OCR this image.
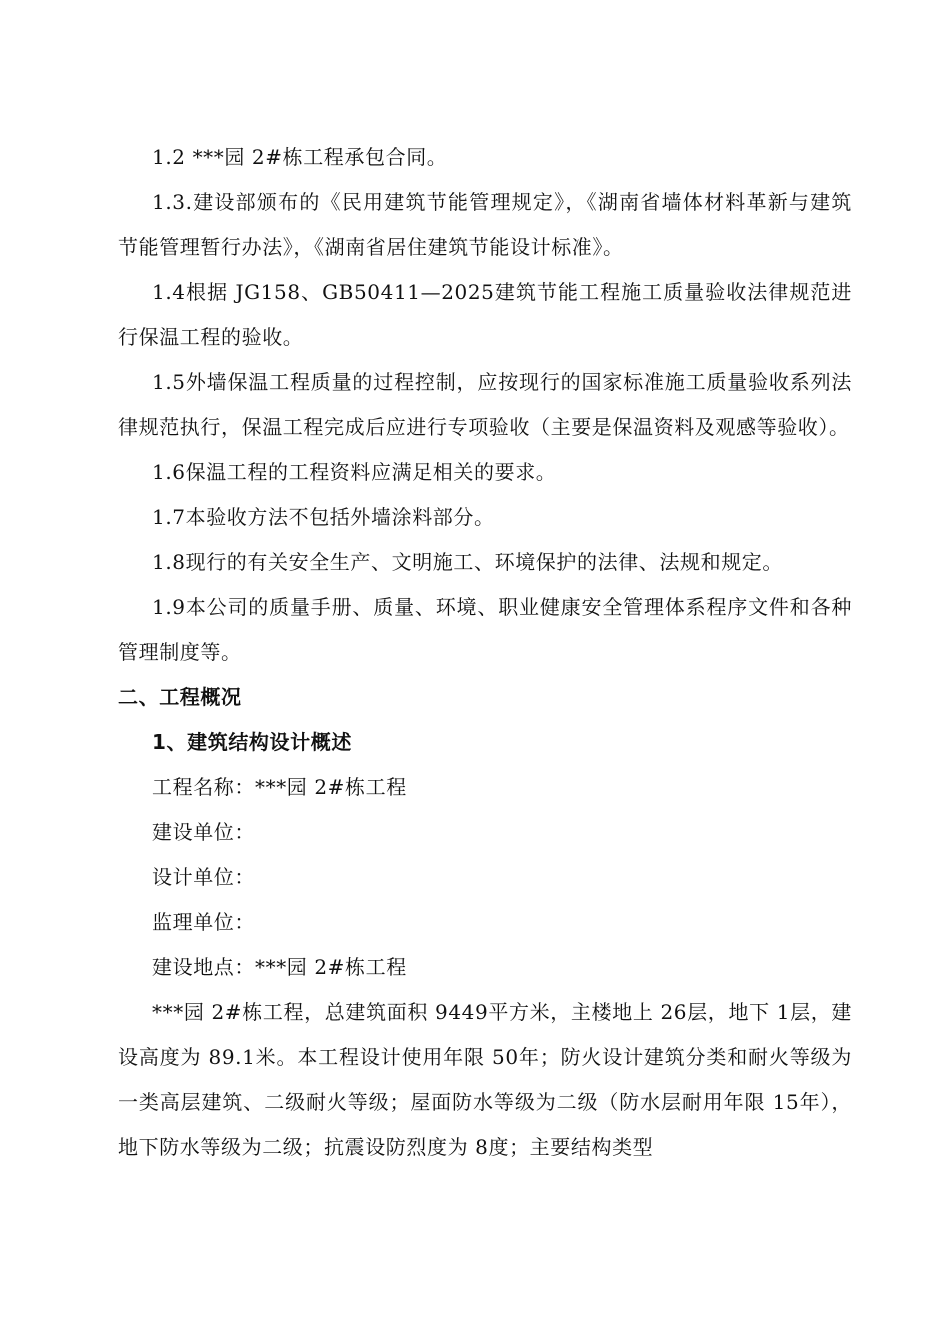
1.2 ***园 2#栋工程承包合同。

1.3.建设部颁布的《民用建筑节能管理规定》，《湖南省墙体材料革新与建筑节能管理暂行办法》，《湖南省居住建筑节能设计标准》。

1.4根据 JG158、GB50411—2025建筑节能工程施工质量验收法律规范进行保温工程的验收。

1.5外墙保温工程质量的过程控制，应按现行的国家标准施工质量验收系列法律规范执行，保温工程完成后应进行专项验收（主要是保温资料及观感等验收）。

1.6保温工程的工程资料应满足相关的要求。

1.7本验收方法不包括外墙涂料部分。

1.8现行的有关安全生产、文明施工、环境保护的法律、法规和规定。

1.9本公司的质量手册、质量、环境、职业健康安全管理体系程序文件和各种管理制度等。

二、工程概况

1、建筑结构设计概述

工程名称：***园 2#栋工程

建设单位：

设计单位：

监理单位：

建设地点：***园 2#栋工程

***园 2#栋工程，总建筑面积 9449平方米，主楼地上 26层，地下 1层，建设高度为 89.1米。本工程设计使用年限 50年；防火设计建筑分类和耐火等级为一类高层建筑、二级耐火等级；屋面防水等级为二级（防水层耐用年限 15年），地下防水等级为二级；抗震设防烈度为 8度；主要结构类型
